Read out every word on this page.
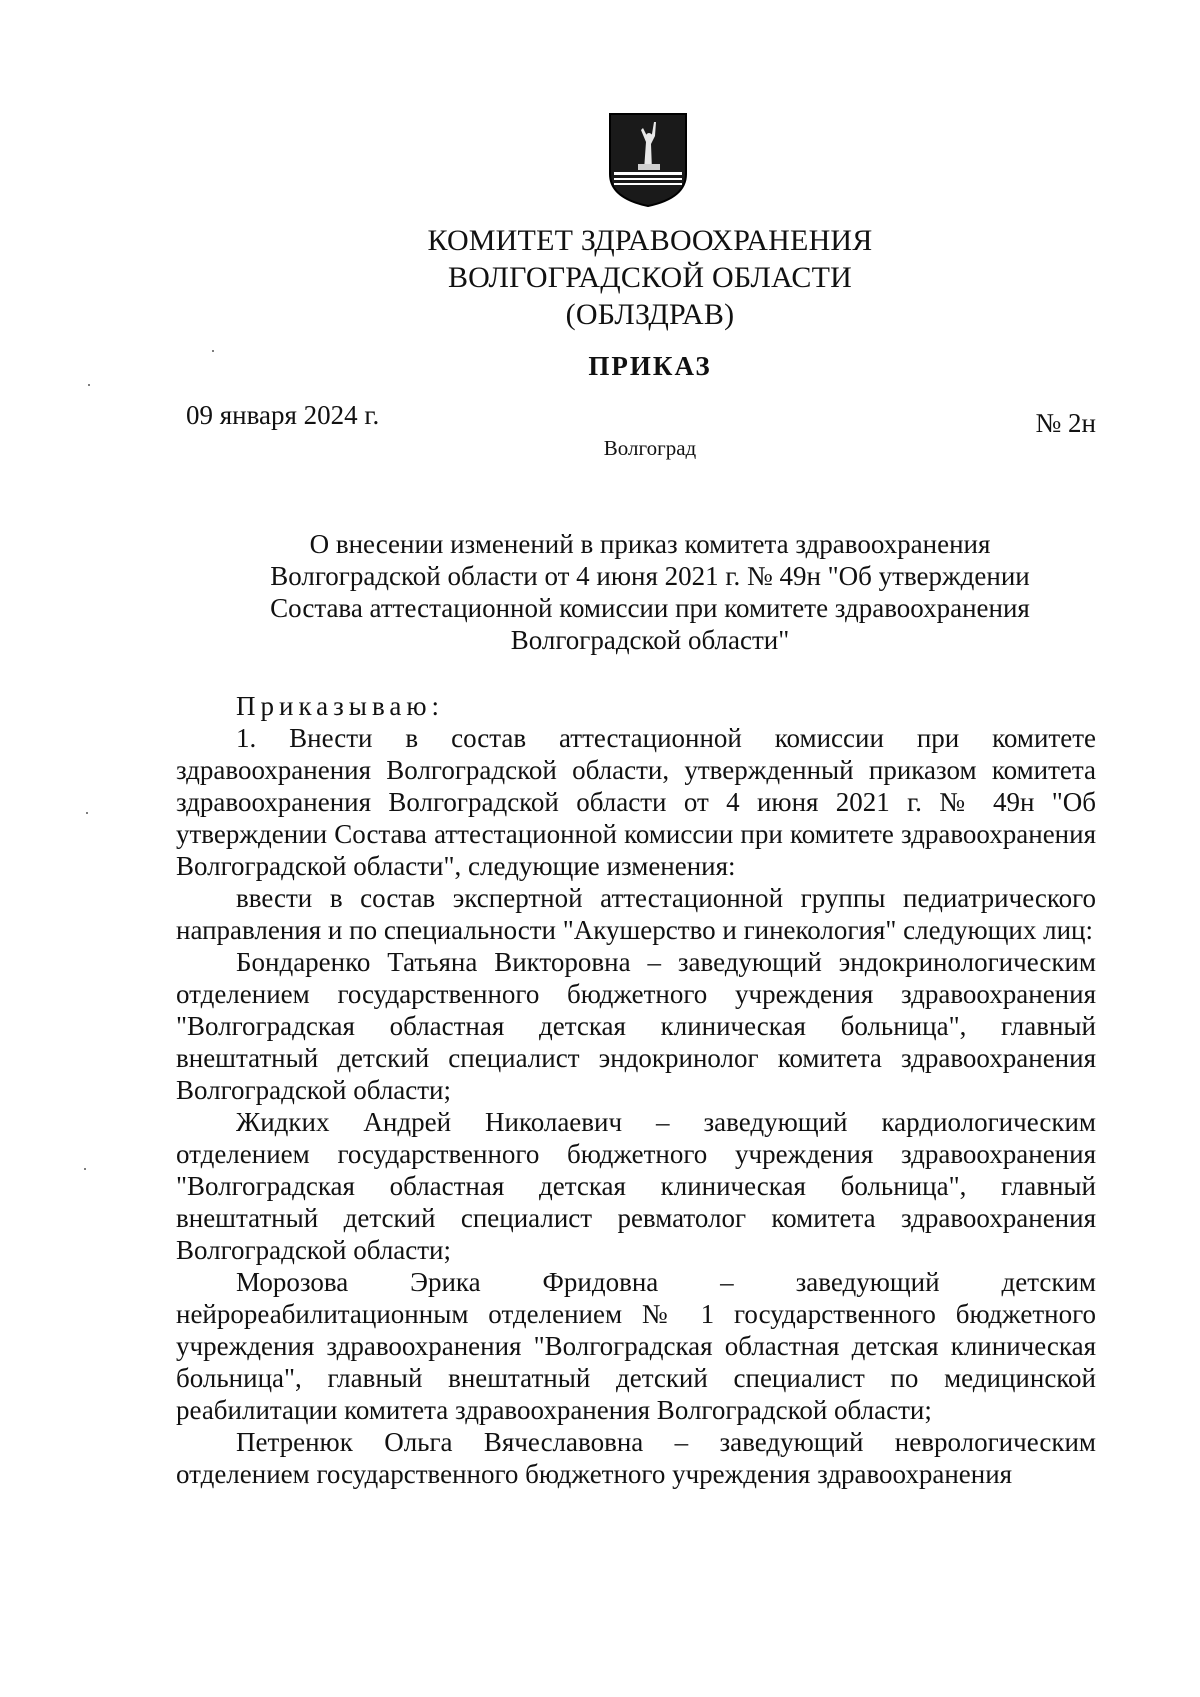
КОМИТЕТ ЗДРАВООХРАНЕНИЯ
ВОЛГОГРАДСКОЙ ОБЛАСТИ
(ОБЛЗДРАВ)
ПРИКАЗ
09 января 2024 г.	№ 2н
Волгоград
О внесении изменений в приказ комитета здравоохранения
Волгоградской области от 4 июня 2021 г. № 49н "Об утверждении
Состава аттестационной комиссии при комитете здравоохранения
Волгоградской области"
Приказываю:

1. Внести в состав аттестационной комиссии при комитете здравоохранения Волгоградской области, утвержденный приказом комитета здравоохранения Волгоградской области от 4 июня 2021 г. № 49н "Об утверждении Состава аттестационной комиссии при комитете здравоохранения Волгоградской области", следующие изменения:

ввести в состав экспертной аттестационной группы педиатрического направления и по специальности "Акушерство и гинекология" следующих лиц:

Бондаренко Татьяна Викторовна – заведующий эндокринологическим отделением государственного бюджетного учреждения здравоохранения "Волгоградская областная детская клиническая больница", главный внештатный детский специалист эндокринолог комитета здравоохранения Волгоградской области;

Жидких Андрей Николаевич – заведующий кардиологическим отделением государственного бюджетного учреждения здравоохранения "Волгоградская областная детская клиническая больница", главный внештатный детский специалист ревматолог комитета здравоохранения Волгоградской области;

Морозова Эрика Фридовна – заведующий детским нейрореабилитационным отделением № 1 государственного бюджетного учреждения здравоохранения "Волгоградская областная детская клиническая больница", главный внештатный детский специалист по медицинской реабилитации комитета здравоохранения Волгоградской области;

Петренюк Ольга Вячеславовна – заведующий неврологическим отделением государственного бюджетного учреждения здравоохранения
